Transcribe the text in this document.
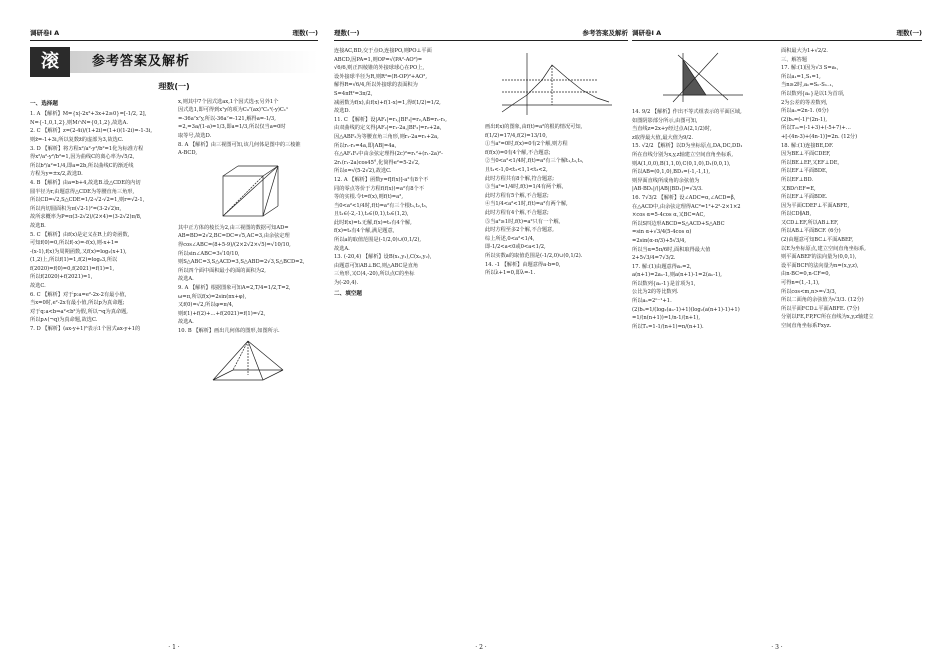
调研卷Ⅰ A	理数(一)
滚	参考答案及解析
理数(一)
一、选择题
1. A 【解析】M={x|-2x²+3x+2≥0}=[-1/2, 2],
N={-1,0,1,2},则M∩N={0,1,2},故选A.
2. C 【解析】z=(2-4i)/(1+2i)=(1+i)(1-2i)=-1-3i,
则z̄=-1+3i,所以复数z̄的虚部为3,故选C.
3. D 【解析】将方程x²/a²-y²/b²=1化为标准方程
得x²/a²-y²/b²=1,因为曲线C的离心率为√5/2,
所以b²/a²=1/4,即a=2b,所以曲线C的渐近线
方程为y=±x/2,故选D.
4. B 【解析】由a=b+4,故选B.设△CDE的内切
圆半径为r,由题意得△CDE为等腰直角三角形,
所以CD=√2,S△CDE=1/2·√2·√2=1,则r=√2-1,
所以内切圆面积为π(√2-1)²=(3-2√2)π,
故所求概率为P=π(3-2√2)/(2×4)=(3-2√2)π/8,
故选B.
5. C 【解析】由f(x)是定义在R上的奇函数,
可知f(0)=0,所以f(-x)=-f(x),则-x+1=
-(x-1),f(x)为周期函数,又f(x)=log₂(x+1),
(1,2)上,所以f(1)=1,f(2)=log₂3,所以
f(2020)=f(0)=0,f(2021)=f(1)=1,
所以f(2020)+f(2021)=1,
故选C.
6. C 【解析】对于p:a=e²-2x-2有最小值,
当x=0时,e²-2x有最小值,所以p为真命题;
对于q:a<b⇒a²<b²为假,所以¬q为真命题,
所以p∧(¬q)为真命题,故选C.
7. D 【解析】(ax-y+1)⁶表示1个因式ax-y+1的
x,则其中7个因式选ax,1个因式选-y,另外1个
因式选1,即可得到x⁷y的项为C₉⁷(ax)⁷C₂¹(-y)C₁¹
=-36a⁷x⁷y,所以-36a⁷=-121,解得a=-1/3,
=2,=3a/(1-a)=1/3,即a=1/3,所以仅当a=0时
取等号,故选D.
8. A 【解析】由三视图可知,该几何体是图中的三棱锥
A-BCD,
其中正方体的棱长为2,由三视图的数据可知AD=
AB=BD=2√2,BC=DC=√5,AC=3,由余弦定理
得cos∠ABC=(8+5-9)/(2×2√2×√5)=√10/10,
所以sin∠ABC=3√10/10,
则S△ABC=3,S△ACD=3,S△ABD=2√3,S△BCD=2,
所以四个面中面积最小的面的面积为2,
故选A.
9. A 【解析】根据图象可知A=2,T/4=1/2,T=2,
ω=π,所以f(x)=2sin(πx+φ),
又f(0)=√2,所以φ=π/4,
则f(1)+f(2)+…+f(2021)=f(1)=√2,
故选A.
10. B 【解析】画出几何体的图形,如图所示.
· 1 ·
理数(一)	参考答案及解析
连接AC,BD,交于点O,连接PO,则PO⊥平面
ABCD,因PA=1,则OP=√(PA²-AO²)=
√6/6,则正四棱锥的外接球球心在PO上,
设外接球半径为R,则R²=(R-OP)²+AO²,
解得R=√6/4,所以外接球的表面积为
S=4πR²=3π/2,
减函数为f(x),由f(x)+f(1-x)=1,得f(1/2)=1/2,
故选D.
11. C 【解析】设|AF₁|=r₁,|BF₁|=r₂,AB=r₁-r₂,
由双曲线的定义得|AF₂|=r₁-2a,|BF₂|=r₂+2a,
因△ABF₂为等腰直角三角形,则r₁-2a=r₂+2a,
所以r₁-r₂=4a,即|AB|=4a,
在△AF₁F₂中由余弦定理得(2c)²=r₁²+(r₁-2a)²-
2r₁(r₁-2a)cos45°,化简得e²=5-2√2,
所以e=√(5-2√2),故选C.
12. A 【解析】函数y=f[f(x)]-a²有8个不
同的零点等价于方程f(f(x))=a²有8个不
等的实根.令t=f(x),则f(t)=a²,
当0<a²<1/4时,f(t)=a²有三个根t₁,t₂,t₃,
且t₁∈(-2,-1),t₂∈(0,1),t₃∈(1,2),
此时f(x)=t₁无解,f(x)=t₂有4个解,
f(x)=t₃有4个解,满足题意,
所以a的取值范围是(-1/2,0)∪(0,1/2),
故选A.
13. (-20,4) 【解析】设B(x₁,y₁),C(x₂,y₂),
由题意可知AB⊥BC,则△ABC是直角
三角形,又C(4,-20),所以点C的坐标
为(-20,4).
二、填空题
画出f(x)的图象,由f(t)=a²的根的情况可知,
f(1/2)=17/4,f(2)=13/10,
①当a²=0时,f(x)=0有2个解,则方程
f(f(x))=0有4个解,不合题意;
②当0<a²<1/4时,f(t)=a²有三个解t₁,t₂,t₃,
且t₁<-1,0<t₂<1,1<t₃<2,
此时方程共有8个解,符合题意;
③当a²=1/4时,f(t)=1/4有两个解,
此时方程有5个解,不合题意;
④当1/4<a²<1时,f(t)=a²有两个解,
此时方程有4个解,不合题意;
⑤当a²≥1时,f(t)=a²只有一个解,
此时方程至多2个解,不合题意,
综上所述,0<a²<1/4,
即-1/2<a<0或0<a<1/2,
所以实数a的取值范围是(-1/2,0)∪(0,1/2).
14. -1 【解析】由题意得a·b=0,
所以λ+1=0,即λ=-1.
· 2 ·
调研卷Ⅰ A	理数(一)
14. 9/2 【解析】作出不等式组表示的平面区域,
如图阴影部分所示,由图可知,
当直线z=2x+y经过点A(2,1/2)时,
z取得最大值,最大值为9/2.
15. √2/2 【解析】以D为坐标原点,DA,DC,DD₁
所在直线分别为x,y,z轴建立空间直角坐标系,
则A(1,0,0),B(1,1,0),C(0,1,0),D₁(0,0,1),
所以AB=(0,1,0),BD₁=(-1,-1,1),
则异面直线所成角的余弦值为
|AB·BD₁|/(|AB||BD₁|)=√3/3.
16. 7√3/2 【解析】设∠ADC=α,∠ACD=β,
在△ACD中,由余弦定理得AC²=1²+2²-2×1×2
×cos α=5-4cos α,又BC=AC,
所以S四边形ABCD=S△ACD+S△ABC
=sin α+√3/4(5-4cos α)
=2sin(α-π/3)+5√3/4,
所以当α=5π/6时,面积取得最大值
2+5√3/4=7√3/2.
17. 解:(1)由题意得a₁=2,
a(n+1)=2aₙ-1,则a(n+1)-1=2(aₙ-1),
所以数列{aₙ-1}是首项为1,
公比为2的等比数列.
所以aₙ=2ⁿ⁻¹+1.
(2)bₙ=1/(log₂(aₙ-1)+1)(log₂(a(n+1)-1)+1)
=1/(n(n+1))=1/n-1/(n+1),
所以Tₙ=1-1/(n+1)=n/(n+1).
面积最大为1+√2/2.
三、解答题
17. 解:(1)因为√3 S=a₁,
所以a₁=1,S₁=1,
当n≥2时,aₙ=Sₙ-Sₙ₋₁,
所以数列{aₙ}是以1为首项,
2为公差的等差数列,
所以aₙ=2n-1. (6分)
(2)bₙ=(-1)ⁿ(2n-1),
所以T₂ₙ=(-1+3)+(-5+7)+…
+[-(4n-3)+(4n-1)]=2n. (12分)
18. 解:(1)连接BE,DF.
因为BE⊥平面CDEF,
所以BE⊥EF,又EF⊥DE,
所以EF⊥平面BDE,
所以EF⊥BD.
又BD∩EF=E,
所以EF⊥平面BDE.
因为平面CDEF⊥平面ABFE,
所以CD∥AB,
又CD⊥EF,所以AB⊥EF,
所以AB⊥平面BCF. (6分)
(2)由题意可知BC⊥平面ABEF,
以E为坐标原点,建立空间直角坐标系,
则平面ABEF的法向量为(0,0,1),
设平面BCF的法向量为n=(x,y,z),
由n·BC=0,n·CF=0,
可得n=(1,-1,1),
所以cos<m,n>=√3/3,
所以二面角的余弦值为√3/3. (12分)
所以平面FCD⊥平面ABFE. (7分)
分别以FE,FP,FC所在直线为x,y,z轴建立
空间直角坐标系Fxyz.
· 3 ·
